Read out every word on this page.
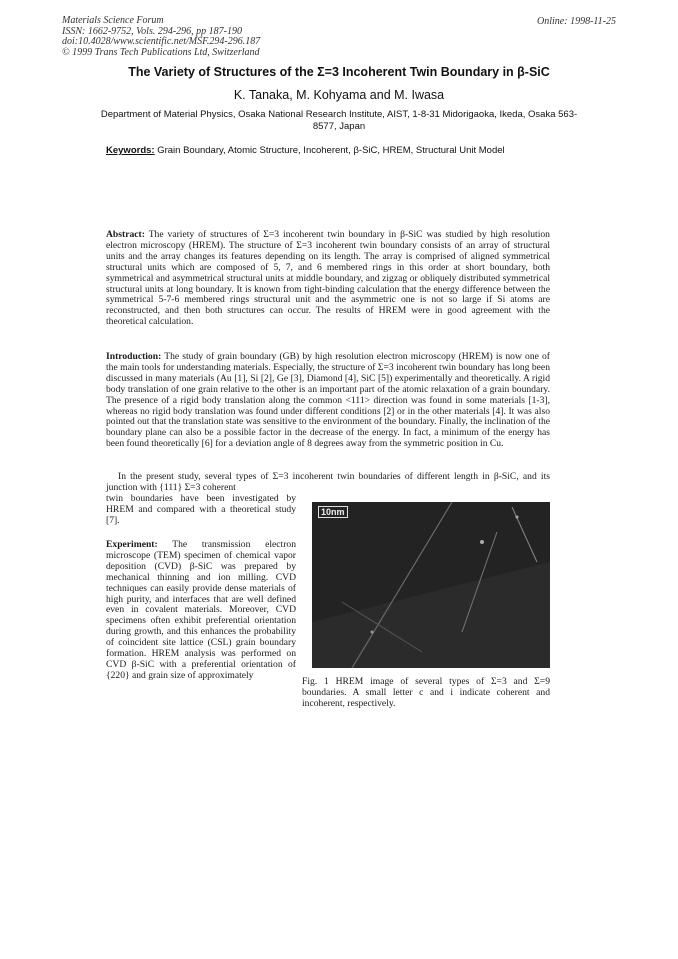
Materials Science Forum
ISSN: 1662-9752, Vols. 294-296, pp 187-190
doi:10.4028/www.scientific.net/MSF.294-296.187
© 1999 Trans Tech Publications Ltd, Switzerland
Online: 1998-11-25
The Variety of Structures of the Σ=3 Incoherent Twin Boundary in β-SiC
K. Tanaka, M. Kohyama and M. Iwasa
Department of Material Physics, Osaka National Research Institute, AIST, 1-8-31 Midorigaoka, Ikeda, Osaka 563-8577, Japan
Keywords: Grain Boundary, Atomic Structure, Incoherent, β-SiC, HREM, Structural Unit Model
Abstract: The variety of structures of Σ=3 incoherent twin boundary in β-SiC was studied by high resolution electron microscopy (HREM). The structure of Σ=3 incoherent twin boundary consists of an array of structural units and the array changes its features depending on its length. The array is comprised of aligned symmetrical structural units which are composed of 5, 7, and 6 membered rings in this order at short boundary, both symmetrical and asymmetrical structural units at middle boundary, and zigzag or obliquely distributed symmetrical structural units at long boundary. It is known from tight-binding calculation that the energy difference between the symmetrical 5-7-6 membered rings structural unit and the asymmetric one is not so large if Si atoms are reconstructed, and then both structures can occur. The results of HREM were in good agreement with the theoretical calculation.
Introduction: The study of grain boundary (GB) by high resolution electron microscopy (HREM) is now one of the main tools for understanding materials. Especially, the structure of Σ=3 incoherent twin boundary has long been discussed in many materials (Au [1], Si [2], Ge [3], Diamond [4], SiC [5]) experimentally and theoretically. A rigid body translation of one grain relative to the other is an important part of the atomic relaxation of a grain boundary. The presence of a rigid body translation along the common <111> direction was found in some materials [1-3], whereas no rigid body translation was found under different conditions [2] or in the other materials [4]. It was also pointed out that the translation state was sensitive to the environment of the boundary. Finally, the inclination of the boundary plane can also be a possible factor in the decrease of the energy. In fact, a minimum of the energy has been found theoretically [6] for a deviation angle of 8 degrees away from the symmetric position in Cu.
In the present study, several types of Σ=3 incoherent twin boundaries of different length in β-SiC, and its junction with {111} Σ=3 coherent
twin boundaries have been investigated by HREM and compared with a theoretical study [7].
Experiment: The transmission electron microscope (TEM) specimen of chemical vapor deposition (CVD) β-SiC was prepared by mechanical thinning and ion milling. CVD techniques can easily provide dense materials of high purity, and interfaces that are well defined even in covalent materials. Moreover, CVD specimens often exhibit preferential orientation during growth, and this enhances the probability of coincident site lattice (CSL) grain boundary formation. HREM analysis was performed on CVD β-SiC with a preferential orientation of {220} and grain size of approximately
10nm
Fig. 1 HREM image of several types of Σ=3 and Σ=9 boundaries. A small letter c and i indicate coherent and incoherent, respectively.
